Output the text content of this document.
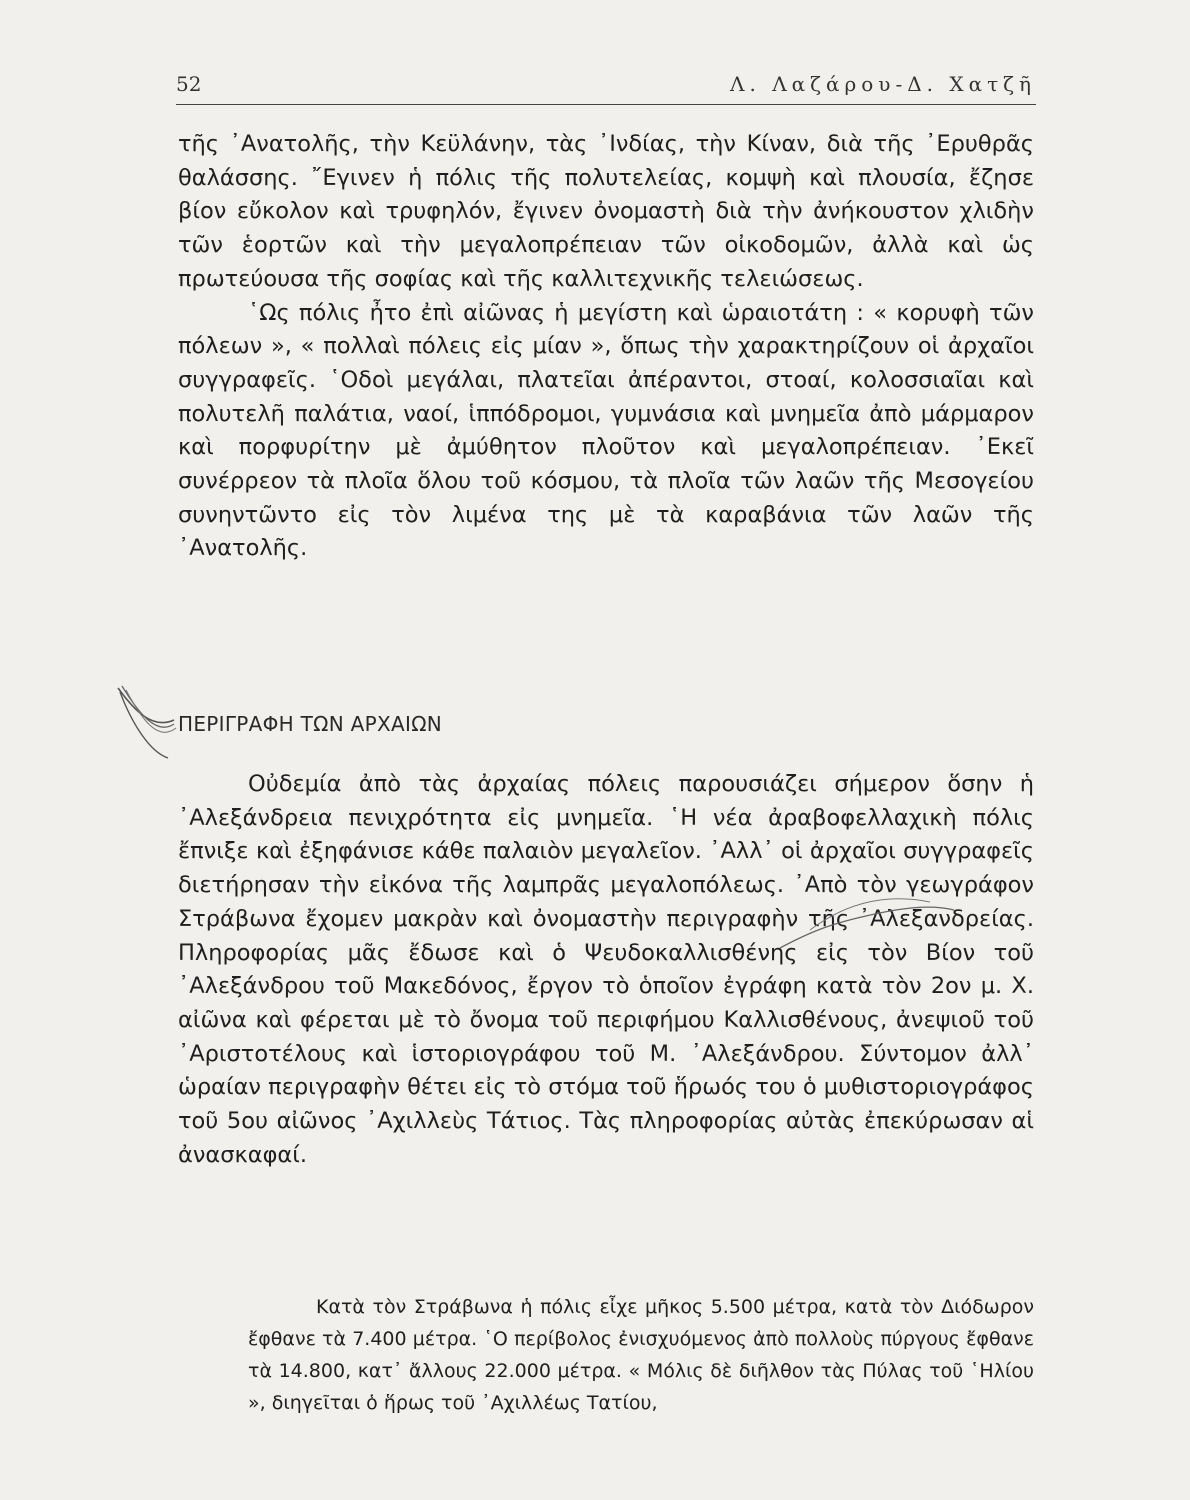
52	Λ. Λαζάρου-Δ. Χατζῆ

τῆς ᾿Ανατολῆς, τὴν Κεϋλάνην, τὰς ᾿Ινδίας, τὴν Κίναν, διὰ τῆς ᾿Ερυθρᾶς θαλάσσης. ῎Εγινεν ἡ πόλις τῆς πολυτελείας, κομψὴ καὶ πλουσία, ἔζησε βίον εὔκολον καὶ τρυφηλόν, ἔγινεν ὀνομαστὴ διὰ τὴν ἀνήκουστον χλιδὴν τῶν ἑορτῶν καὶ τὴν μεγαλοπρέπειαν τῶν οἰκοδομῶν, ἀλλὰ καὶ ὡς πρωτεύουσα τῆς σοφίας καὶ τῆς καλλιτεχνικῆς τελειώσεως.

῾Ως πόλις ἦτο ἐπὶ αἰῶνας ἡ μεγίστη καὶ ὡραιοτάτη : « κορυφὴ τῶν πόλεων », « πολλαὶ πόλεις εἰς μίαν », ὅπως τὴν χαρακτηρίζουν οἱ ἀρχαῖοι συγγραφεῖς. ῾Οδοὶ μεγάλαι, πλατεῖαι ἀπέραντοι, στοαί, κολοσσιαῖαι καὶ πολυτελῆ παλάτια, ναοί, ἱππόδρομοι, γυμνάσια καὶ μνημεῖα ἀπὸ μάρμαρον καὶ πορφυρίτην μὲ ἀμύθητον πλοῦτον καὶ μεγαλοπρέπειαν. ᾿Εκεῖ συνέρρεον τὰ πλοῖα ὅλου τοῦ κόσμου, τὰ πλοῖα τῶν λαῶν τῆς Μεσογείου συνηντῶντο εἰς τὸν λιμένα της μὲ τὰ καραβάνια τῶν λαῶν τῆς ᾿Ανατολῆς.

ΠΕΡΙΓΡΑΦΗ ΤΩΝ ΑΡΧΑΙΩΝ

Οὐδεμία ἀπὸ τὰς ἀρχαίας πόλεις παρουσιάζει σήμερον ὅσην ἡ ᾿Αλεξάνδρεια πενιχρότητα εἰς μνημεῖα. ῾Η νέα ἀραβοφελλαχικὴ πόλις ἔπνιξε καὶ ἐξηφάνισε κάθε παλαιὸν μεγαλεῖον. ᾿Αλλ᾿ οἱ ἀρχαῖοι συγγραφεῖς διετήρησαν τὴν εἰκόνα τῆς λαμπρᾶς μεγαλοπόλεως. ᾿Απὸ τὸν γεωγράφον Στράβωνα ἔχομεν μακρὰν καὶ ὀνομαστὴν περιγραφὴν τῆς ᾿Αλεξανδρείας. Πληροφορίας μᾶς ἔδωσε καὶ ὁ Ψευδοκαλλισθένης εἰς τὸν Βίον τοῦ ᾿Αλεξάνδρου τοῦ Μακεδόνος, ἔργον τὸ ὁποῖον ἐγράφη κατὰ τὸν 2ον μ. Χ. αἰῶνα καὶ φέρεται μὲ τὸ ὄνομα τοῦ περιφήμου Καλλισθένους, ἀνεψιοῦ τοῦ ᾿Αριστοτέλους καὶ ἱστοριογράφου τοῦ Μ. ᾿Αλεξάνδρου. Σύντομον ἀλλ᾿ ὡραίαν περιγραφὴν θέτει εἰς τὸ στόμα τοῦ ἥρωός του ὁ μυθιστοριογράφος τοῦ 5ου αἰῶνος ᾿Αχιλλεὺς Τάτιος. Τὰς πληροφορίας αὐτὰς ἐπεκύρωσαν αἱ ἀνασκαφαί.

Κατὰ τὸν Στράβωνα ἡ πόλις εἶχε μῆκος 5.500 μέτρα, κατὰ τὸν Διόδωρον ἔφθανε τὰ 7.400 μέτρα. ῾Ο περίβολος ἐνισχυόμενος ἀπὸ πολλοὺς πύργους ἔφθανε τὰ 14.800, κατ᾿ ἄλλους 22.000 μέτρα. « Μόλις δὲ διῆλθον τὰς Πύλας τοῦ ῾Ηλίου », διηγεῖται ὁ ἥρως τοῦ ᾿Αχιλλέως Τατίου,
